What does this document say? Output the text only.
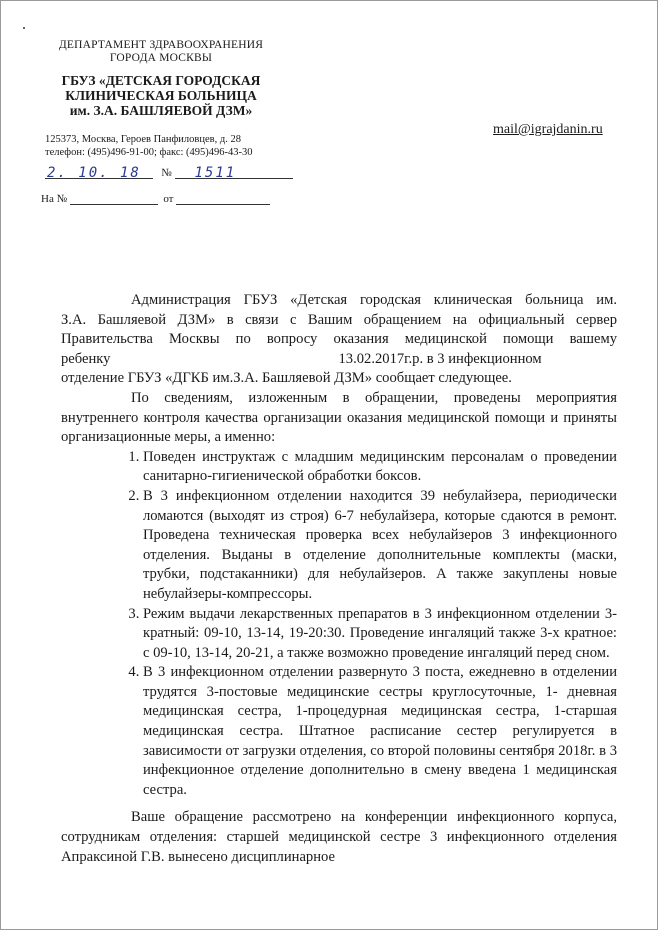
ДЕПАРТАМЕНТ ЗДРАВООХРАНЕНИЯ
ГОРОДА МОСКВЫ
ГБУЗ «ДЕТСКАЯ ГОРОДСКАЯ
КЛИНИЧЕСКАЯ БОЛЬНИЦА
им. З.А. БАШЛЯЕВОЙ ДЗМ»
125373, Москва, Героев Панфиловцев, д. 28
телефон: (495)496-91-00; факс: (495)496-43-30
mail@igrajdanin.ru
2. 10. 18 № 1511
На №	от

Администрация ГБУЗ «Детская городская клиническая больница им.
З.А. Башляевой ДЗМ» в связи с Вашим обращением на официальный сервер
Правительства Москвы по вопросу оказания медицинской помощи вашему
ребенку	13.02.2017г.р. в 3 инфекционном
отделение ГБУЗ «ДГКБ им.З.А. Башляевой ДЗМ» сообщает следующее.

По сведениям, изложенным в обращении, проведены мероприятия внутреннего контроля качества организации оказания медицинской помощи и приняты организационные меры, а именно:

1. Поведен инструктаж с младшим медицинским персоналам о проведении санитарно-гигиенической обработки боксов.
2. В 3 инфекционном отделении находится 39 небулайзера, периодически ломаются (выходят из строя) 6-7 небулайзера, которые сдаются в ремонт. Проведена техническая проверка всех небулайзеров 3 инфекционного отделения. Выданы в отделение дополнительные комплекты (маски, трубки, подстаканники) для небулайзеров. А также закуплены новые небулайзеры-компрессоры.
3. Режим выдачи лекарственных препаратов в 3 инфекционном отделении 3-кратный: 09-10, 13-14, 19-20:30. Проведение ингаляций также 3-х кратное: с 09-10, 13-14, 20-21, а также возможно проведение ингаляций перед сном.
4. В 3 инфекционном отделении развернуто 3 поста, ежедневно в отделении трудятся 3-постовые медицинские сестры круглосуточные, 1- дневная медицинская сестра, 1-процедурная медицинская сестра, 1-старшая медицинская сестра. Штатное расписание сестер регулируется в зависимости от загрузки отделения, со второй половины сентября 2018г. в 3 инфекционное отделение дополнительно в смену введена 1 медицинская сестра.

Ваше обращение рассмотрено на конференции инфекционного корпуса, сотрудникам отделения: старшей медицинской сестре 3 инфекционного отделения Апраксиной Г.В. вынесено дисциплинарное
